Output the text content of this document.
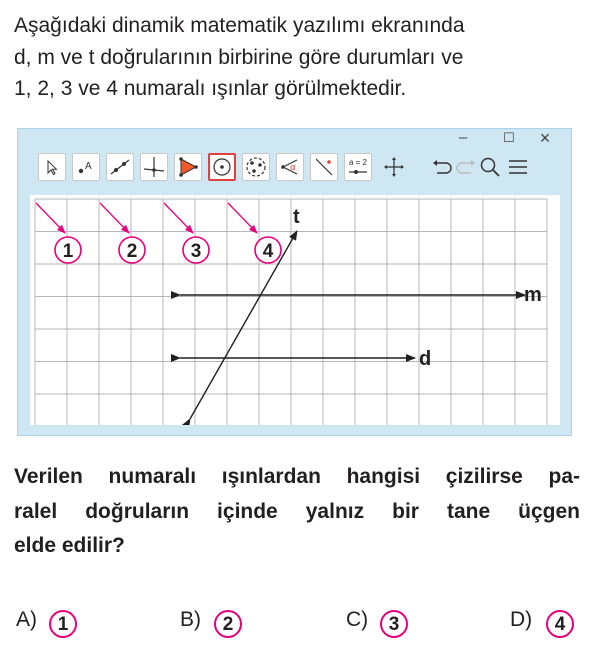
Aşağıdaki dinamik matematik yazılımı ekranında
d, m ve t doğrularının birbirine göre durumları ve
1, 2, 3 ve 4 numaralı ışınlar görülmektedir.
–	☐ ×
A	α
a = 2
1	2	3	4
t
m
d
Verilen numaralı ışınlardan hangisi çizilirse pa-
ralel doğruların içinde yalnız bir tane üçgen
elde edilir?
A)	1	B)	2	C)	3	D)	4
